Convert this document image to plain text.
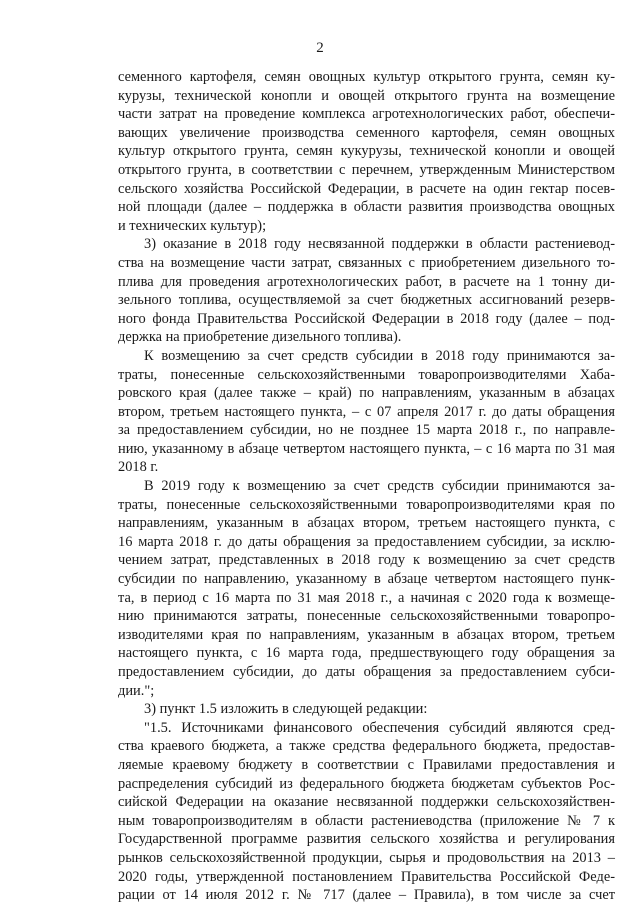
2
семенного картофеля, семян овощных культур открытого грунта, семян ку-
курузы, технической конопли и овощей открытого грунта на возмещение
части затрат на проведение комплекса агротехнологических работ, обеспечи-
вающих увеличение производства семенного картофеля, семян овощных
культур открытого грунта, семян кукурузы, технической конопли и овощей
открытого грунта, в соответствии с перечнем, утвержденным Министерством
сельского хозяйства Российской Федерации, в расчете на один гектар посев-
ной площади (далее – поддержка в области развития производства овощных
и технических культур);
3) оказание в 2018 году несвязанной поддержки в области растениевод-
ства на возмещение части затрат, связанных с приобретением дизельного то-
плива для проведения агротехнологических работ, в расчете на 1 тонну ди-
зельного топлива, осуществляемой за счет бюджетных ассигнований резерв-
ного фонда Правительства Российской Федерации в 2018 году (далее – под-
держка на приобретение дизельного топлива).
К возмещению за счет средств субсидии в 2018 году принимаются за-
траты, понесенные сельскохозяйственными товаропроизводителями Хаба-
ровского края (далее также – край) по направлениям, указанным в абзацах
втором, третьем настоящего пункта, – с 07 апреля 2017 г. до даты обращения
за предоставлением субсидии, но не позднее 15 марта 2018 г., по направле-
нию, указанному в абзаце четвертом настоящего пункта, – с 16 марта по 31 мая
2018 г.
В 2019 году к возмещению за счет средств субсидии принимаются за-
траты, понесенные сельскохозяйственными товаропроизводителями края по
направлениям, указанным в абзацах втором, третьем настоящего пункта, с
16 марта 2018 г. до даты обращения за предоставлением субсидии, за исклю-
чением затрат, представленных в 2018 году к возмещению за счет средств
субсидии по направлению, указанному в абзаце четвертом настоящего пунк-
та, в период с 16 марта по 31 мая 2018 г., а начиная с 2020 года к возмеще-
нию принимаются затраты, понесенные сельскохозяйственными товаропро-
изводителями края по направлениям, указанным в абзацах втором, третьем
настоящего пункта, с 16 марта года, предшествующего году обращения за
предоставлением субсидии, до даты обращения за предоставлением субси-
дии.";
3) пункт 1.5 изложить в следующей редакции:
"1.5. Источниками финансового обеспечения субсидий являются сред-
ства краевого бюджета, а также средства федерального бюджета, предостав-
ляемые краевому бюджету в соответствии с Правилами предоставления и
распределения субсидий из федерального бюджета бюджетам субъектов Рос-
сийской Федерации на оказание несвязанной поддержки сельскохозяйствен-
ным товаропроизводителям в области растениеводства (приложение № 7 к
Государственной программе развития сельского хозяйства и регулирования
рынков сельскохозяйственной продукции, сырья и продовольствия на 2013 –
2020 годы, утвержденной постановлением Правительства Российской Феде-
рации от 14 июля 2012 г. № 717 (далее – Правила), в том числе за счет
